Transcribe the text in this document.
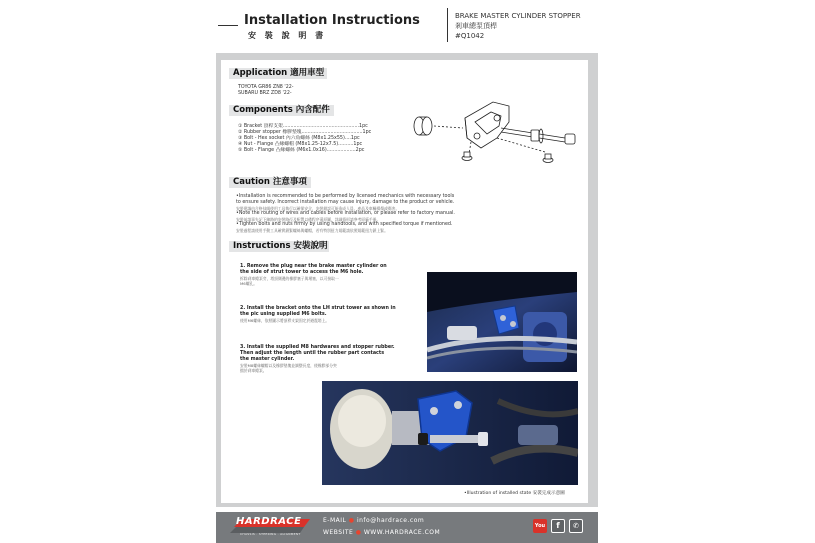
Installation Instructions
安 裝 說 明 書
BRAKE MASTER CYLINDER STOPPER
剎車總泵頂桿
#Q1042
Application 適用車型
TOYOTA GR86 ZN8 '22-
SUBARU BRZ ZD8 '22-
Components 內含配件
① Bracket 頂桿支架..................................................1pc
② Rubber stopper 橡膠墊塊........................................1pc
③ Bolt - Hex socket 內六角螺絲 (M8x1.25x55)....1pc
④ Nut - Flange 凸緣螺帽 (M8x1.25-12x7.5)..........1pc
⑤ Bolt - Flange 凸緣螺絲 (M6x1.0x16)...................2pc
Caution 注意事項
•Installation is recommended to be performed by licensed mechanics with necessary tools
to ensure safety. Incorrect installation may cause injury, damage to the product or vehicle.
安裝建議由合格技師使用工具執行以確保安全，安裝錯誤可能造成人員、產品及車輛損傷或傷害。
•Note the routing of wires and cables before installation, or please refer to factory manual.
安裝前請事先記下線路的安裝路徑及配置以備程序還原圖，詳細情形請參考原廠手冊。
•Tighten bolts and nuts firmly by using handtools, and with specified torque if mentioned.
安裝過程請使用手動工具確實鎖緊螺絲與螺帽，若有特別扭力規範請依照規範扭力鎖上緊。
Instructions 安裝說明
1. Remove the plug near the brake master cylinder on
the side of strut tower to access the M6 hole.
拆除剎車總泵旁，塔頂側邊的橡膠塞子與堵塞，以可接取一
M6螺孔。
2. Install the bracket onto the LH strut tower as shown in
the pic using supplied M6 bolts.
使用M6螺絲，依照圖示將頂桿支架固定於避震塔上。
3. Install the supplied M8 hardwares and stopper rubber.
Then adjust the length until the rubber part contacts
the master cylinder.
安裝M8螺絲螺帽以及橡膠墊塊並調整長度，使橡膠部分突
擋於剎車總泵。
•Illustration of installed state 安裝完成示意圖
HARDRACE
CHASSIS · STEERING · ALIGNMENT
E-MAIL ● info@hardrace.com
WEBSITE ● WWW.HARDRACE.COM
You	f	✆
